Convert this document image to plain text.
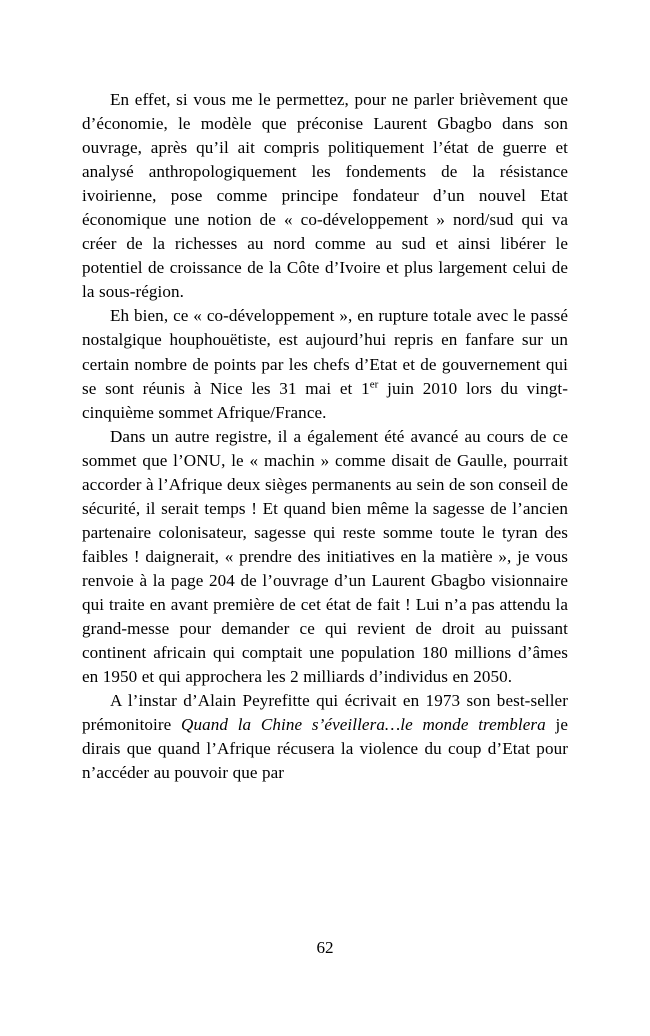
En effet, si vous me le permettez, pour ne parler brièvement que d’économie, le modèle que préconise Laurent Gbagbo dans son ouvrage, après qu’il ait compris politiquement l’état de guerre et analysé anthropologiquement les fondements de la résistance ivoirienne, pose comme principe fondateur d’un nouvel Etat économique une notion de « co-développement » nord/sud qui va créer de la richesses au nord comme au sud et ainsi libérer le potentiel de croissance de la Côte d’Ivoire et plus largement celui de la sous-région.

Eh bien, ce « co-développement », en rupture totale avec le passé nostalgique houphouëtiste, est aujourd’hui repris en fanfare sur un certain nombre de points par les chefs d’Etat et de gouvernement qui se sont réunis à Nice les 31 mai et 1er juin 2010 lors du vingt-cinquième sommet Afrique/France.

Dans un autre registre, il a également été avancé au cours de ce sommet que l’ONU, le « machin » comme disait de Gaulle, pourrait accorder à l’Afrique deux sièges permanents au sein de son conseil de sécurité, il serait temps ! Et quand bien même la sagesse de l’ancien partenaire colonisateur, sagesse qui reste somme toute le tyran des faibles ! daignerait, « prendre des initiatives en la matière », je vous renvoie à la page 204 de l’ouvrage d’un Laurent Gbagbo visionnaire qui traite en avant première de cet état de fait ! Lui n’a pas attendu la grand-messe pour demander ce qui revient de droit au puissant continent africain qui comptait une population 180 millions d’âmes en 1950 et qui approchera les 2 milliards d’individus en 2050.

A l’instar d’Alain Peyrefitte qui écrivait en 1973 son best-seller prémonitoire Quand la Chine s’éveillera…le monde tremblera je dirais que quand l’Afrique récusera la violence du coup d’Etat pour n’accéder au pouvoir que par

62
